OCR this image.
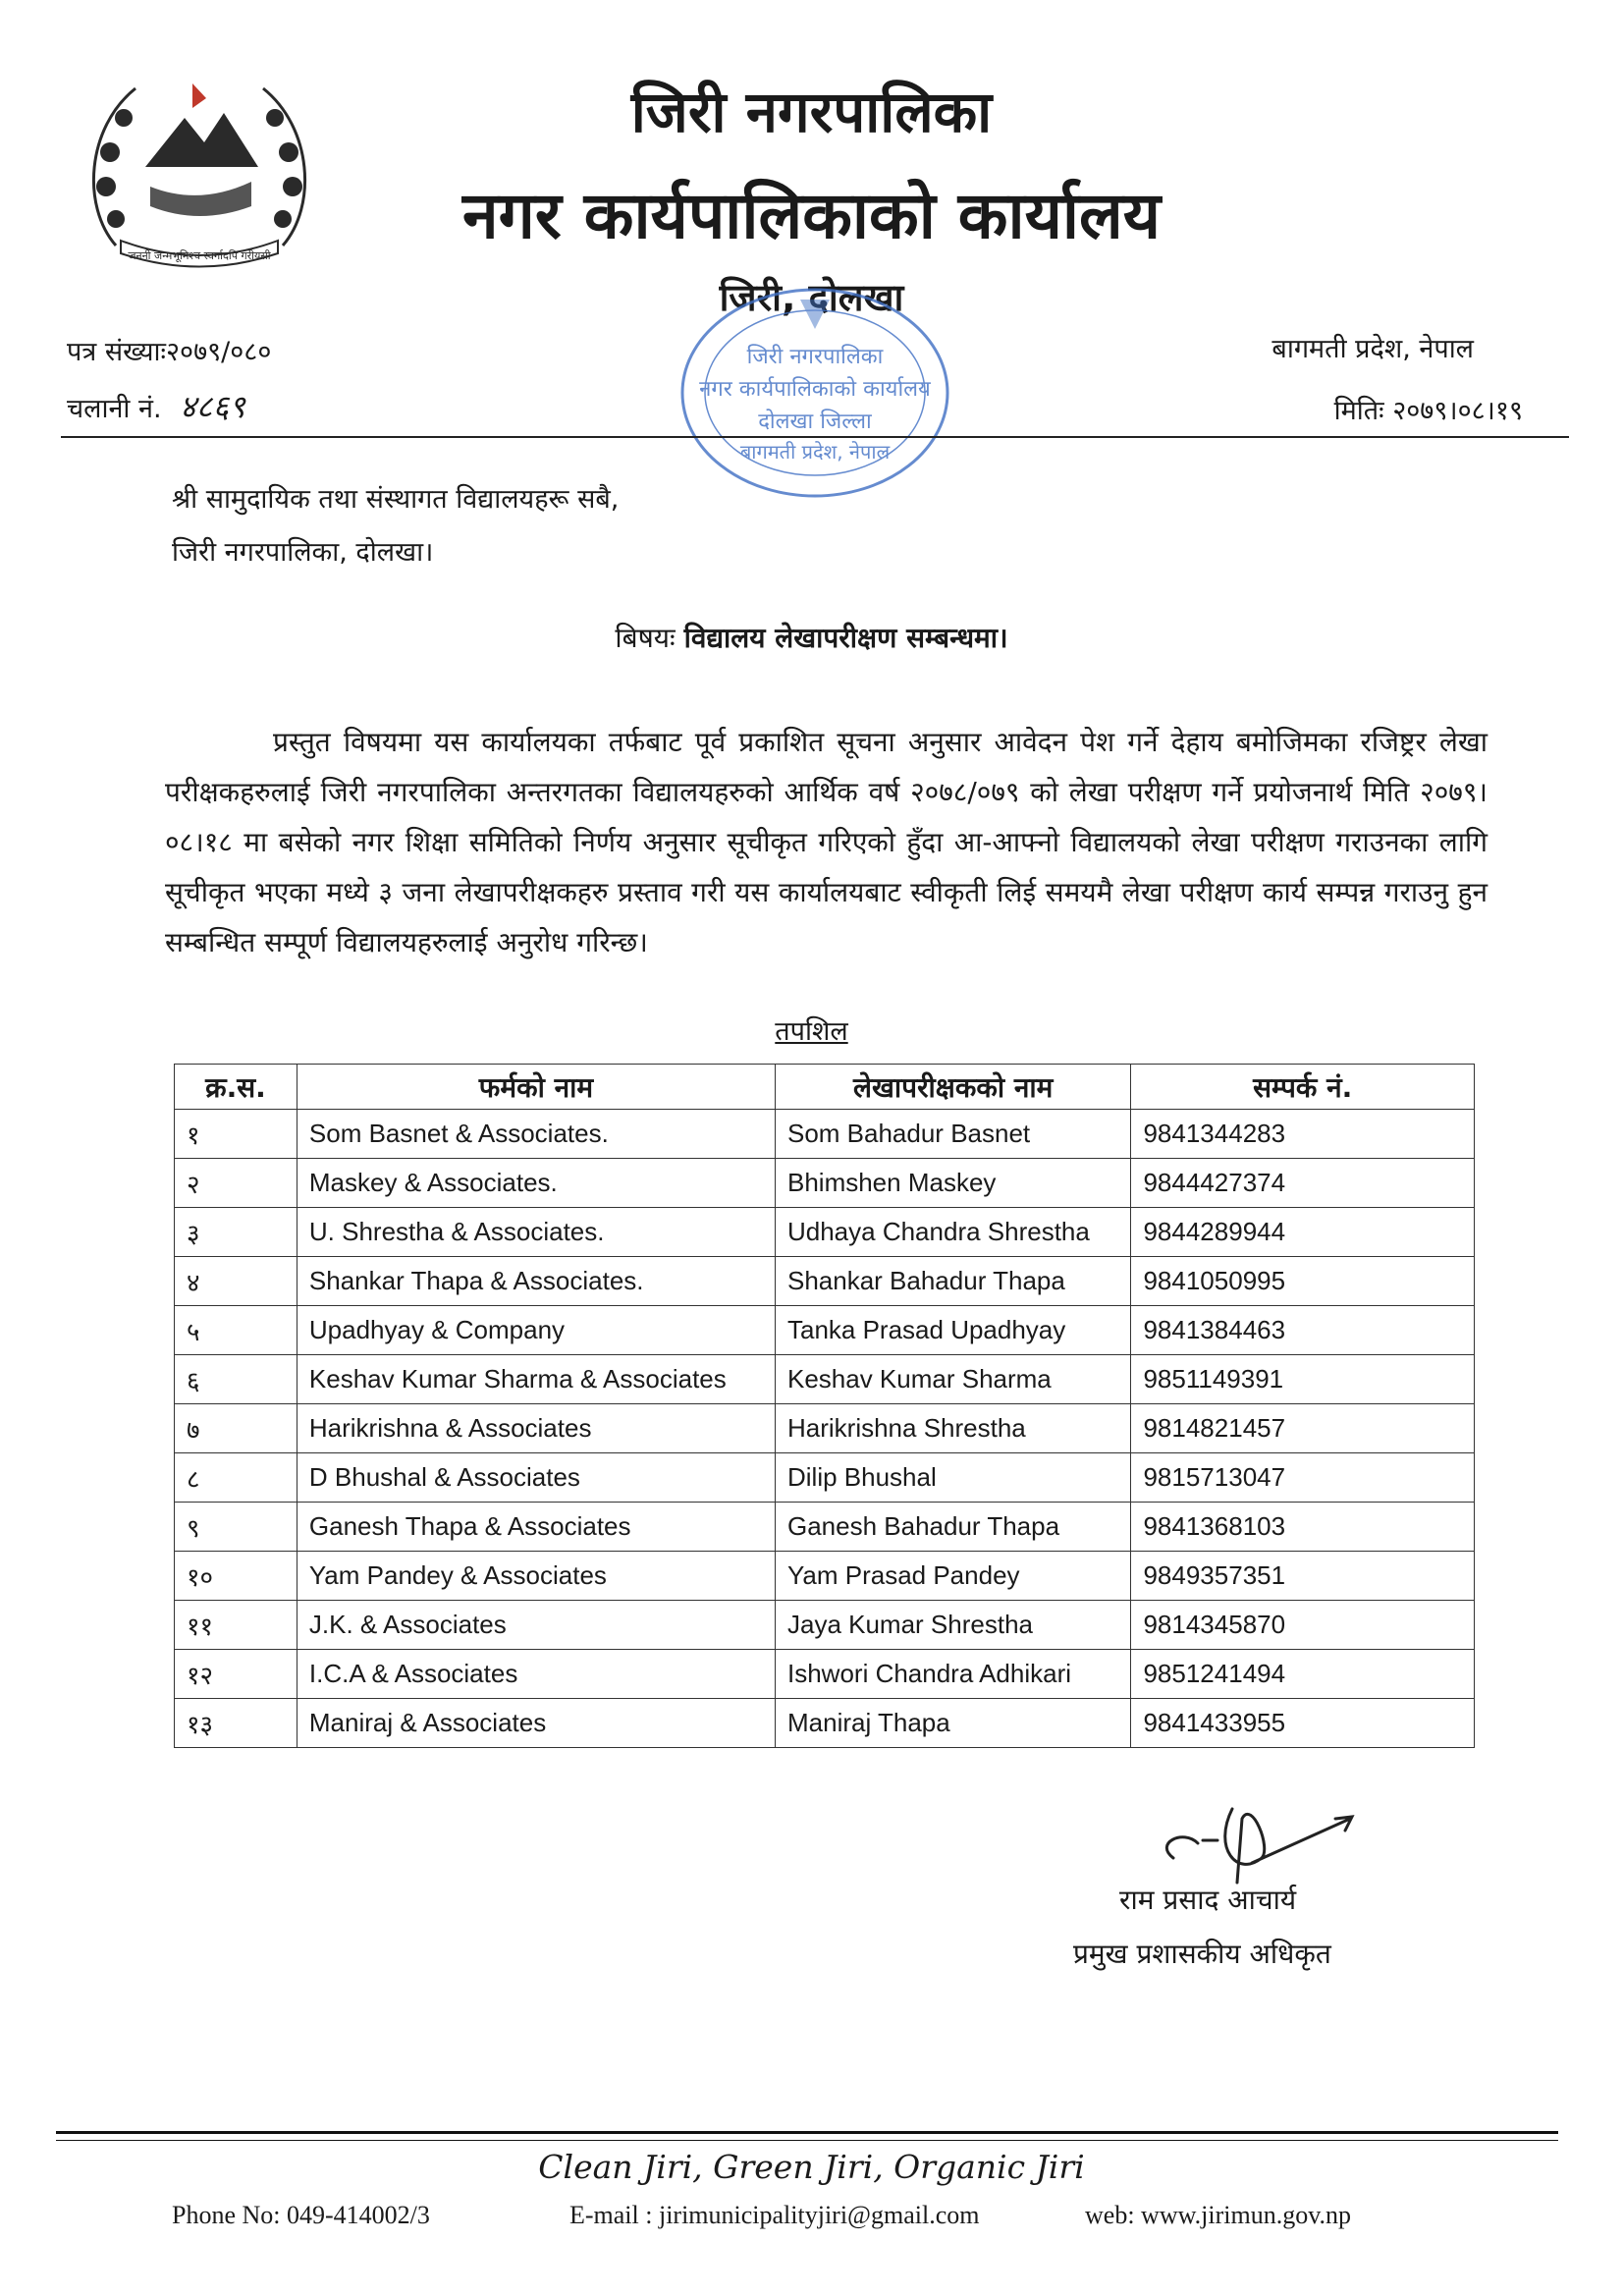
जननी जन्मभूमिश्च स्वर्गादपि गरीयसी
जिरी नगरपालिका
नगर कार्यपालिकाको कार्यालय
जिरी, दोलखा
जिरी नगरपालिका
नगर कार्यपालिकाको कार्यालय
दोलखा जिल्ला
बागमती प्रदेश, नेपाल
पत्र संख्याः२०७९/०८०
चलानी नं. ४८६९
बागमती प्रदेश, नेपाल
मितिः २०७९।०८।१९
श्री सामुदायिक तथा संस्थागत विद्यालयहरू सबै,
जिरी नगरपालिका, दोलखा।
बिषयः विद्यालय लेखापरीक्षण सम्बन्धमा।
प्रस्तुत विषयमा यस कार्यालयका तर्फबाट पूर्व प्रकाशित सूचना अनुसार आवेदन पेश गर्ने देहाय बमोजिमका रजिष्ट्रर लेखा परीक्षकहरुलाई जिरी नगरपालिका अन्तरगतका विद्यालयहरुको आर्थिक वर्ष २०७८/०७९ को लेखा परीक्षण गर्ने प्रयोजनार्थ मिति २०७९।०८।१८ मा बसेको नगर शिक्षा समितिको निर्णय अनुसार सूचीकृत गरिएको हुँदा आ-आफ्नो विद्यालयको लेखा परीक्षण गराउनका लागि सूचीकृत भएका मध्ये ३ जना लेखापरीक्षकहरु प्रस्ताव गरी यस कार्यालयबाट स्वीकृती लिई समयमै लेखा परीक्षण कार्य सम्पन्न गराउनु हुन सम्बन्धित सम्पूर्ण विद्यालयहरुलाई अनुरोध गरिन्छ।
तपशिल
क्र.स.	फर्मको नाम	लेखापरीक्षकको नाम	सम्पर्क नं.
१	Som Basnet & Associates.	Som Bahadur Basnet	9841344283
२	Maskey & Associates.	Bhimshen Maskey	9844427374
३	U. Shrestha & Associates.	Udhaya Chandra Shrestha	9844289944
४	Shankar Thapa & Associates.	Shankar Bahadur Thapa	9841050995
५	Upadhyay & Company	Tanka Prasad Upadhyay	9841384463
६	Keshav Kumar Sharma & Associates	Keshav Kumar Sharma	9851149391
७	Harikrishna & Associates	Harikrishna Shrestha	9814821457
८	D Bhushal & Associates	Dilip Bhushal	9815713047
९	Ganesh Thapa & Associates	Ganesh Bahadur Thapa	9841368103
१०	Yam Pandey & Associates	Yam Prasad Pandey	9849357351
११	J.K. & Associates	Jaya Kumar Shrestha	9814345870
१२	I.C.A & Associates	Ishwori Chandra Adhikari	9851241494
१३	Maniraj & Associates	Maniraj Thapa	9841433955
राम प्रसाद आचार्य
प्रमुख प्रशासकीय अधिकृत
Clean Jiri, Green Jiri, Organic Jiri
Phone No: 049-414002/3	E-mail : jirimunicipalityjiri@gmail.com	web: www.jirimun.gov.np
